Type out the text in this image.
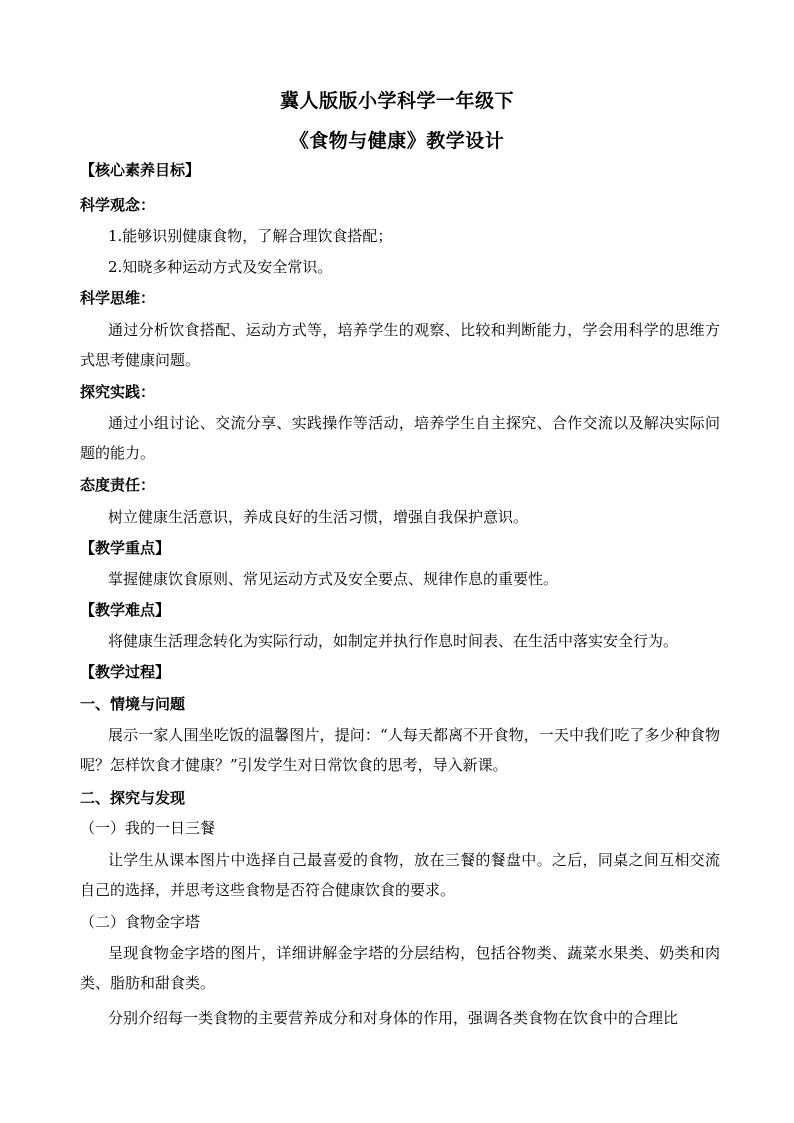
冀人版版小学科学一年级下
《食物与健康》教学设计
【核心素养目标】
科学观念：
1.能够识别健康食物，了解合理饮食搭配；
2.知晓多种运动方式及安全常识。
科学思维：
通过分析饮食搭配、运动方式等，培养学生的观察、比较和判断能力，学会用科学的思维方式思考健康问题。
探究实践：
通过小组讨论、交流分享、实践操作等活动，培养学生自主探究、合作交流以及解决实际问题的能力。
态度责任：
树立健康生活意识，养成良好的生活习惯，增强自我保护意识。
【教学重点】
掌握健康饮食原则、常见运动方式及安全要点、规律作息的重要性。
【教学难点】
将健康生活理念转化为实际行动，如制定并执行作息时间表、在生活中落实安全行为。
【教学过程】
一、情境与问题
展示一家人围坐吃饭的温馨图片，提问：“人每天都离不开食物，一天中我们吃了多少种食物呢？怎样饮食才健康？”引发学生对日常饮食的思考，导入新课。
二、探究与发现
（一）我的一日三餐
让学生从课本图片中选择自己最喜爱的食物，放在三餐的餐盘中。之后，同桌之间互相交流自己的选择，并思考这些食物是否符合健康饮食的要求。
（二）食物金字塔
呈现食物金字塔的图片，详细讲解金字塔的分层结构，包括谷物类、蔬菜水果类、奶类和肉类、脂肪和甜食类。
分别介绍每一类食物的主要营养成分和对身体的作用，强调各类食物在饮食中的合理比
